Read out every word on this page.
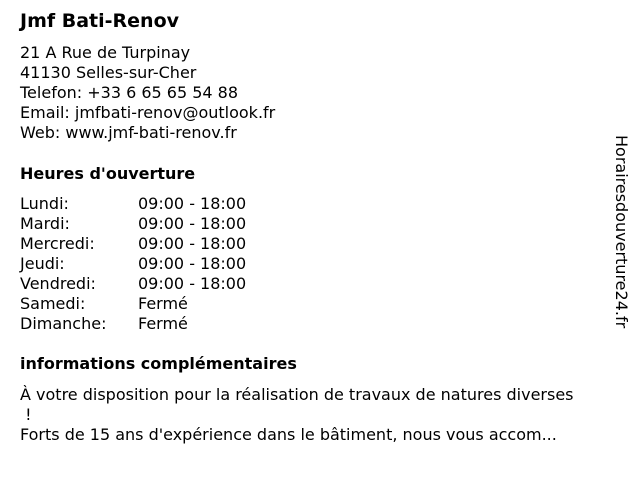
Jmf Bati-Renov
21 A Rue de Turpinay
41130 Selles-sur-Cher
Telefon: +33 6 65 65 54 88
Email: jmfbati-renov@outlook.fr
Web: www.jmf-bati-renov.fr
Heures d'ouverture
Lundi:	09:00 - 18:00
Mardi:	09:00 - 18:00
Mercredi:	09:00 - 18:00
Jeudi:	09:00 - 18:00
Vendredi:	09:00 - 18:00
Samedi:	Fermé
Dimanche:	Fermé
informations complémentaires

À votre disposition pour la réalisation de travaux de natures diverses

!

Forts de 15 ans d'expérience dans le bâtiment, nous vous accom...

Horairesdouverture24.fr
